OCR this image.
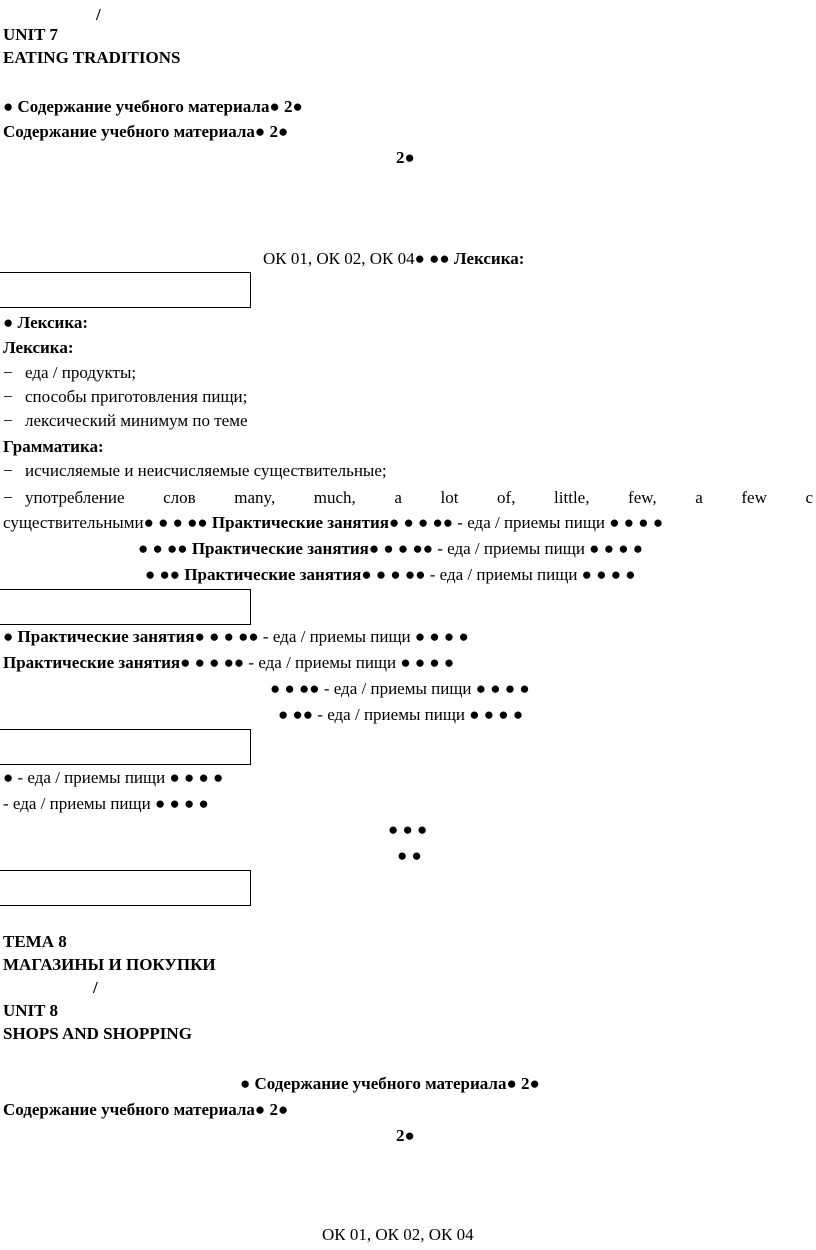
/
UNIT 7
EATING TRADITIONS
● Содержание учебного материала● 2●
Содержание учебного материала● 2●
2●
ОК 01, ОК 02, ОК 04● ●● Лексика:
● Лексика:
Лексика:
− еда / продукты;
− способы приготовления пищи;
− лексический минимум по теме
Грамматика:
− исчисляемые и неисчисляемые существительные;
− употребление слов many, much, a lot of, little, few, a few с
существительными● ● ● ●● Практические занятия● ● ● ●● - еда / приемы пищи ● ● ● ●
● ● ●● Практические занятия● ● ● ●● - еда / приемы пищи ● ● ● ●
● ●● Практические занятия● ● ● ●● - еда / приемы пищи ● ● ● ●
● Практические занятия● ● ● ●● - еда / приемы пищи ● ● ● ●
Практические занятия● ● ● ●● - еда / приемы пищи ● ● ● ●
● ● ●● - еда / приемы пищи ● ● ● ●
● ●● - еда / приемы пищи ● ● ● ●
● - еда / приемы пищи ● ● ● ●
- еда / приемы пищи ● ● ● ●
● ● ●
● ●
ТЕМА 8
МАГАЗИНЫ И ПОКУПКИ
/
UNIT 8
SHOPS AND SHOPPING
● Содержание учебного материала● 2●
Содержание учебного материала● 2●
2●
ОК 01, ОК 02, ОК 04
